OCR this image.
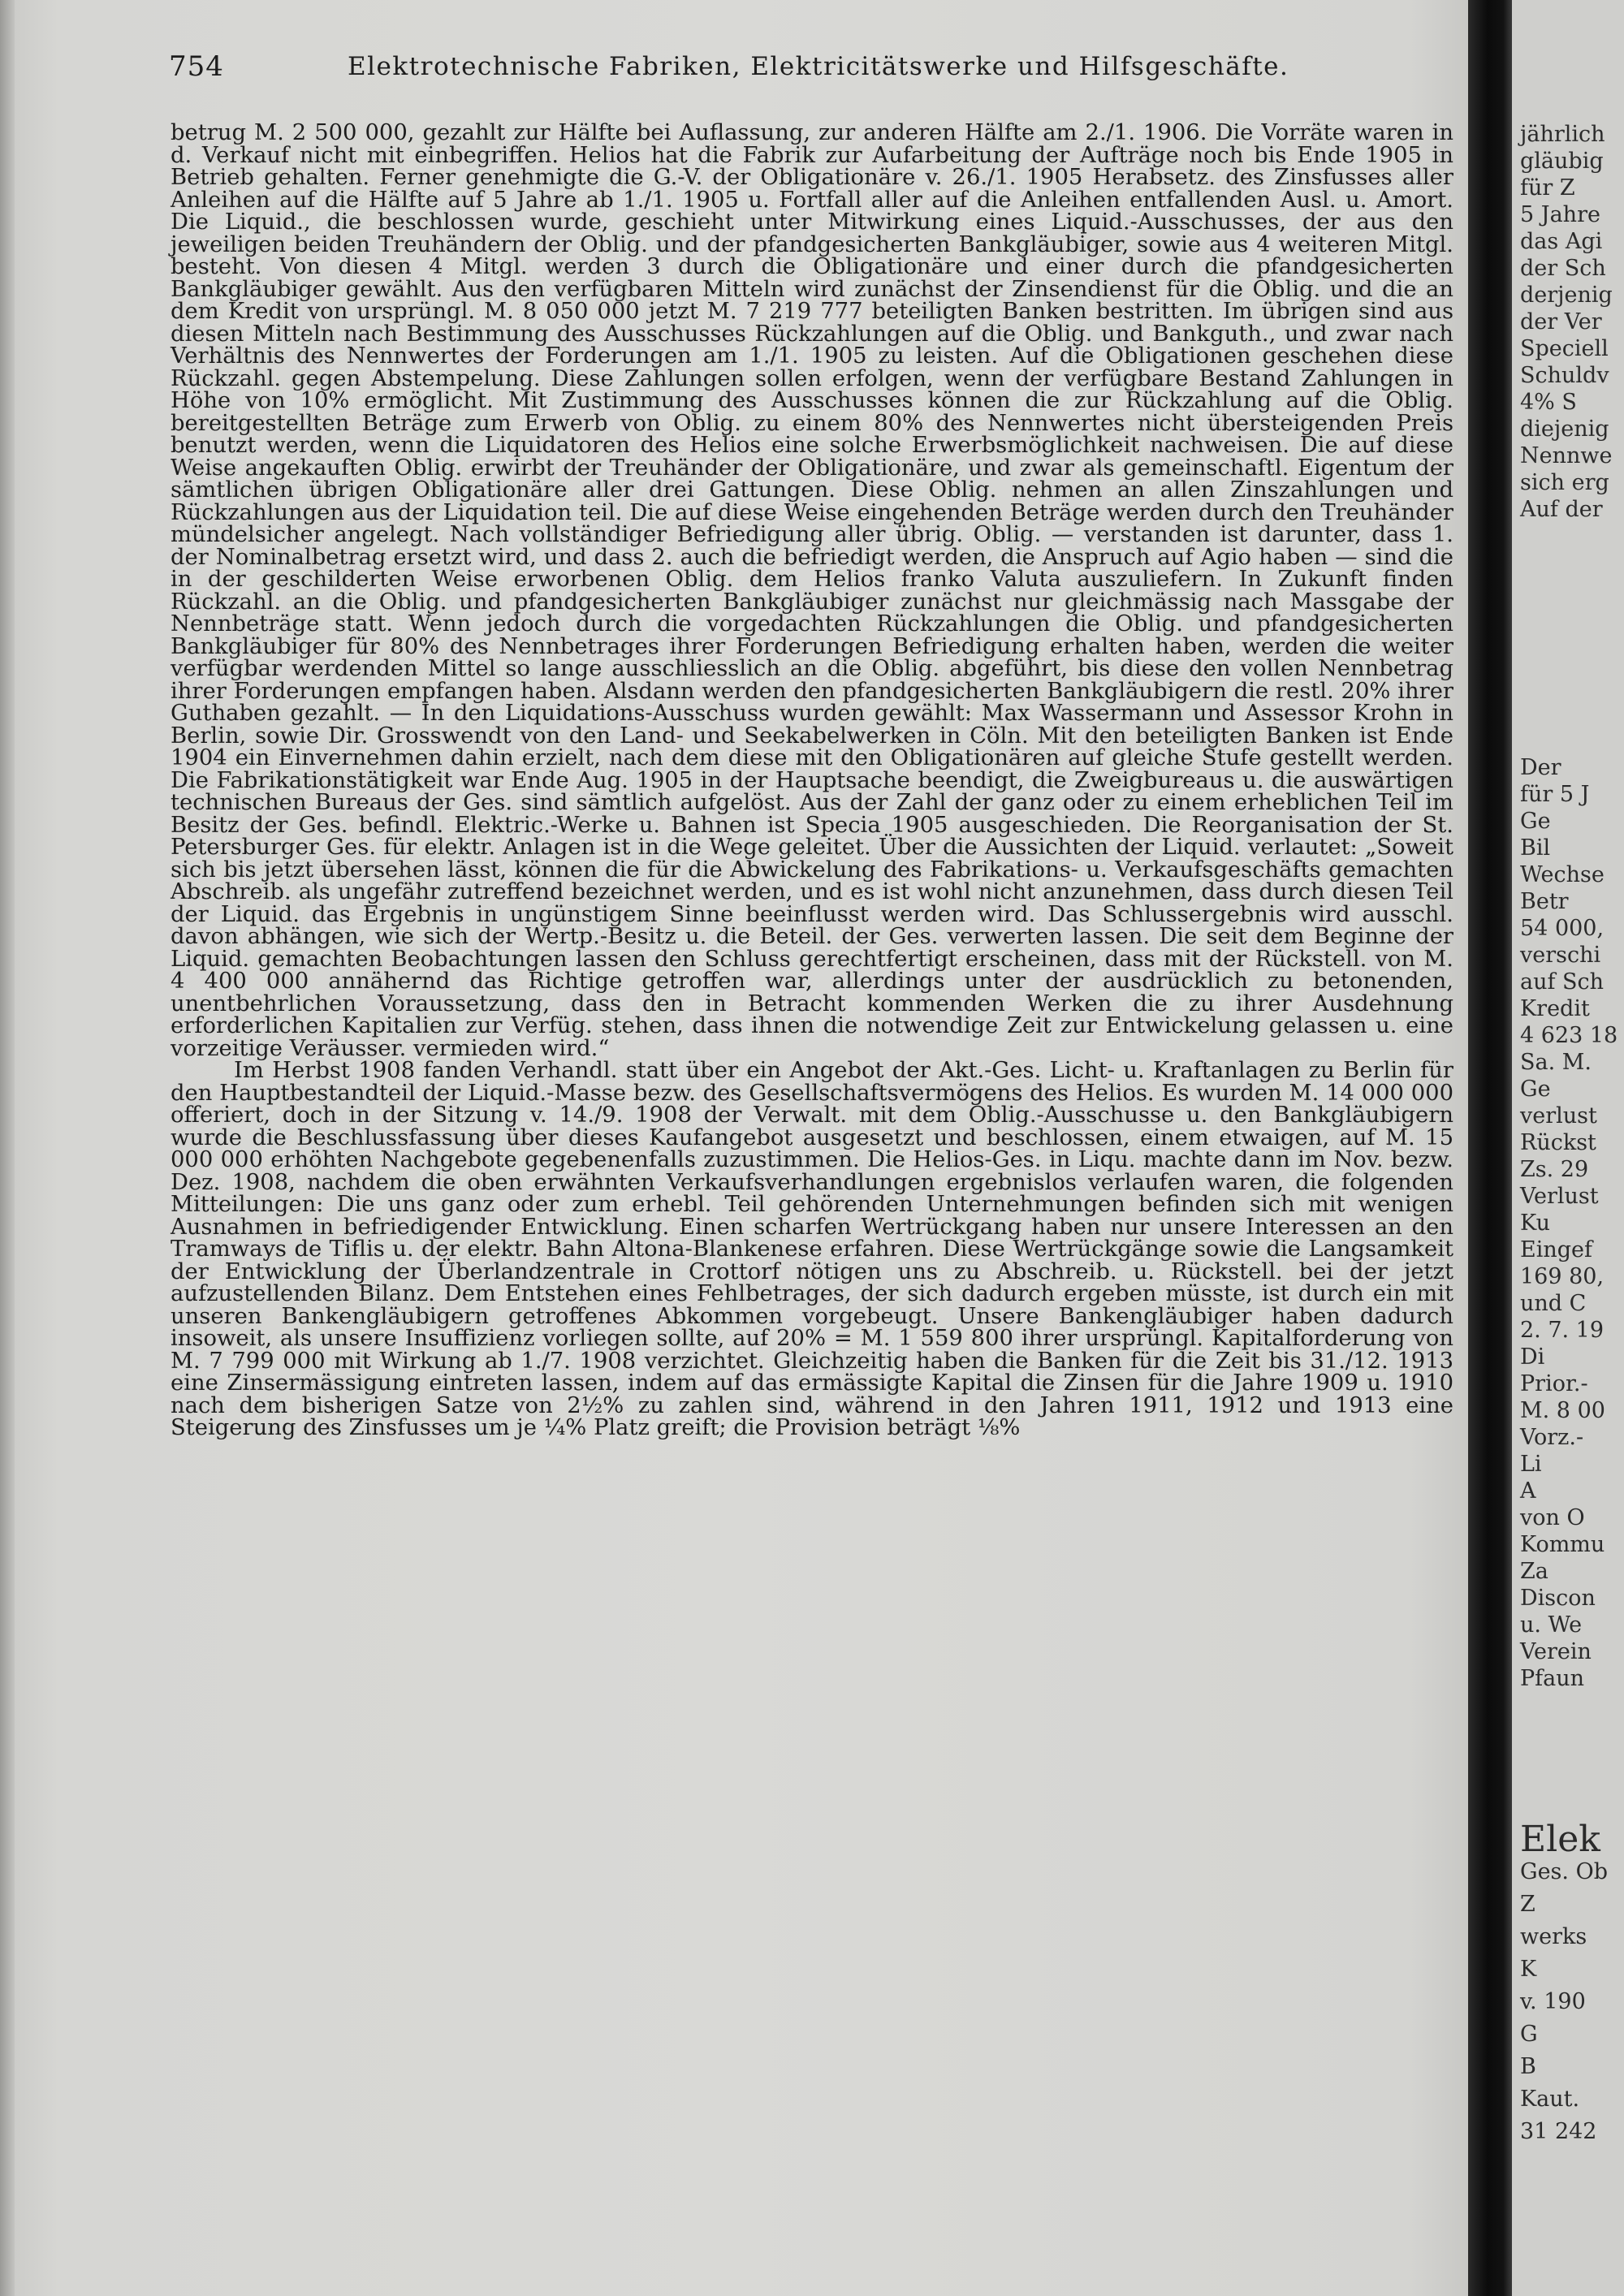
754	Elektrotechnische Fabriken, Elektricitätswerke und Hilfsgeschäfte.

betrug M. 2 500 000, gezahlt zur Hälfte bei Auflassung, zur anderen Hälfte am 2./1. 1906. Die Vorräte waren in d. Verkauf nicht mit einbegriffen. Helios hat die Fabrik zur Aufarbeitung der Aufträge noch bis Ende 1905 in Betrieb gehalten. Ferner genehmigte die G.-V. der Obligationäre v. 26./1. 1905 Herabsetz. des Zinsfusses aller Anleihen auf die Hälfte auf 5 Jahre ab 1./1. 1905 u. Fortfall aller auf die Anleihen entfallenden Ausl. u. Amort. Die Liquid., die beschlossen wurde, geschieht unter Mitwirkung eines Liquid.-Ausschusses, der aus den jeweiligen beiden Treuhändern der Oblig. und der pfandgesicherten Bankgläubiger, sowie aus 4 weiteren Mitgl. besteht. Von diesen 4 Mitgl. werden 3 durch die Obligationäre und einer durch die pfandgesicherten Bankgläubiger gewählt. Aus den verfügbaren Mitteln wird zunächst der Zinsendienst für die Oblig. und die an dem Kredit von ursprüngl. M. 8 050 000 jetzt M. 7 219 777 beteiligten Banken bestritten. Im übrigen sind aus diesen Mitteln nach Bestimmung des Ausschusses Rückzahlungen auf die Oblig. und Bankguth., und zwar nach Verhältnis des Nennwertes der Forderungen am 1./1. 1905 zu leisten. Auf die Obligationen geschehen diese Rückzahl. gegen Abstempelung. Diese Zahlungen sollen erfolgen, wenn der verfügbare Bestand Zahlungen in Höhe von 10% ermöglicht. Mit Zustimmung des Ausschusses können die zur Rückzahlung auf die Oblig. bereitgestellten Beträge zum Erwerb von Oblig. zu einem 80% des Nennwertes nicht übersteigenden Preis benutzt werden, wenn die Liquidatoren des Helios eine solche Erwerbsmöglichkeit nachweisen. Die auf diese Weise angekauften Oblig. erwirbt der Treuhänder der Obligationäre, und zwar als gemeinschaftl. Eigentum der sämtlichen übrigen Obligationäre aller drei Gattungen. Diese Oblig. nehmen an allen Zinszahlungen und Rückzahlungen aus der Liquidation teil. Die auf diese Weise eingehenden Beträge werden durch den Treuhänder mündelsicher angelegt. Nach vollständiger Befriedigung aller übrig. Oblig. — verstanden ist darunter, dass 1. der Nominalbetrag ersetzt wird, und dass 2. auch die befriedigt werden, die Anspruch auf Agio haben — sind die in der geschilderten Weise erworbenen Oblig. dem Helios franko Valuta auszuliefern. In Zukunft finden Rückzahl. an die Oblig. und pfandgesicherten Bankgläubiger zunächst nur gleichmässig nach Massgabe der Nennbeträge statt. Wenn jedoch durch die vorgedachten Rückzahlungen die Oblig. und pfandgesicherten Bankgläubiger für 80% des Nennbetrages ihrer Forderungen Befriedigung erhalten haben, werden die weiter verfügbar werdenden Mittel so lange ausschliesslich an die Oblig. abgeführt, bis diese den vollen Nennbetrag ihrer Forderungen empfangen haben. Alsdann werden den pfandgesicherten Bankgläubigern die restl. 20% ihrer Guthaben gezahlt. — In den Liquidations-Ausschuss wurden gewählt: Max Wassermann und Assessor Krohn in Berlin, sowie Dir. Grosswendt von den Land- und Seekabelwerken in Cöln. Mit den beteiligten Banken ist Ende 1904 ein Einvernehmen dahin erzielt, nach dem diese mit den Obligationären auf gleiche Stufe gestellt werden. Die Fabrikationstätigkeit war Ende Aug. 1905 in der Hauptsache beendigt, die Zweigbureaus u. die auswärtigen technischen Bureaus der Ges. sind sämtlich aufgelöst. Aus der Zahl der ganz oder zu einem erheblichen Teil im Besitz der Ges. befindl. Elektric.-Werke u. Bahnen ist Specia 1905 ausgeschieden. Die Reorganisation der St. Petersburger Ges. für elektr. Anlagen ist in die Wege geleitet. Über die Aussichten der Liquid. verlautet: „Soweit sich bis jetzt übersehen lässt, können die für die Abwickelung des Fabrikations- u. Verkaufsgeschäfts gemachten Abschreib. als ungefähr zutreffend bezeichnet werden, und es ist wohl nicht anzunehmen, dass durch diesen Teil der Liquid. das Ergebnis in ungünstigem Sinne beeinflusst werden wird. Das Schlussergebnis wird ausschl. davon abhängen, wie sich der Wertp.-Besitz u. die Beteil. der Ges. verwerten lassen. Die seit dem Beginne der Liquid. gemachten Beobachtungen lassen den Schluss gerechtfertigt erscheinen, dass mit der Rückstell. von M. 4 400 000 annähernd das Richtige getroffen war, allerdings unter der ausdrücklich zu betonenden, unentbehrlichen Voraussetzung, dass den in Betracht kommenden Werken die zu ihrer Ausdehnung erforderlichen Kapitalien zur Verfüg. stehen, dass ihnen die notwendige Zeit zur Entwickelung gelassen u. eine vorzeitige Veräusser. vermieden wird.“

Im Herbst 1908 fanden Verhandl. statt über ein Angebot der Akt.-Ges. Licht- u. Kraftanlagen zu Berlin für den Hauptbestandteil der Liquid.-Masse bezw. des Gesellschaftsvermögens des Helios. Es wurden M. 14 000 000 offeriert, doch in der Sitzung v. 14./9. 1908 der Verwalt. mit dem Oblig.-Ausschusse u. den Bankgläubigern wurde die Beschlussfassung über dieses Kaufangebot ausgesetzt und beschlossen, einem etwaigen, auf M. 15 000 000 erhöhten Nachgebote gegebenenfalls zuzustimmen. Die Helios-Ges. in Liqu. machte dann im Nov. bezw. Dez. 1908, nachdem die oben erwähnten Verkaufsverhandlungen ergebnislos verlaufen waren, die folgenden Mitteilungen: Die uns ganz oder zum erhebl. Teil gehörenden Unternehmungen befinden sich mit wenigen Ausnahmen in befriedigender Entwicklung. Einen scharfen Wertrückgang haben nur unsere Interessen an den Tramways de Tiflis u. der elektr. Bahn Altona-Blankenese erfahren. Diese Wertrückgänge sowie die Langsamkeit der Entwicklung der Überlandzentrale in Crottorf nötigen uns zu Abschreib. u. Rückstell. bei der jetzt aufzustellenden Bilanz. Dem Entstehen eines Fehlbetrages, der sich dadurch ergeben müsste, ist durch ein mit unseren Bankengläubigern getroffenes Abkommen vorgebeugt. Unsere Bankengläubiger haben dadurch insoweit, als unsere Insuffizienz vorliegen sollte, auf 20% = M. 1 559 800 ihrer ursprüngl. Kapitalforderung von M. 7 799 000 mit Wirkung ab 1./7. 1908 verzichtet. Gleichzeitig haben die Banken für die Zeit bis 31./12. 1913 eine Zinsermässigung eintreten lassen, indem auf das ermässigte Kapital die Zinsen für die Jahre 1909 u. 1910 nach dem bisherigen Satze von 2½% zu zahlen sind, während in den Jahren 1911, 1912 und 1913 eine Steigerung des Zinsfusses um je ¼% Platz greift; die Provision beträgt ⅛%

jährlich
gläubig
für Z
5 Jahre
das Agi
der Sch
derjenig
der Ver
Speciell
Schuldv
4% S
diejenig
Nennwe
sich erg
Auf der
Der
für 5 J
Ge
Bil
Wechse
Betr
54 000,
verschi
auf Sch
Kredit
4 623 18
Sa. M.
Ge
verlust
Rückst
Zs. 29
Verlust
Ku
Eingef
169 80,
und C
2. 7. 19
Di
Prior.-
M. 8 00
Vorz.-
Li
A
von O
Kommu
Za
Discon
u. We
Verein
Pfaun
Elek
Ges. Ob
Z
werks
K
v. 190
G
B
Kaut.
31 242
